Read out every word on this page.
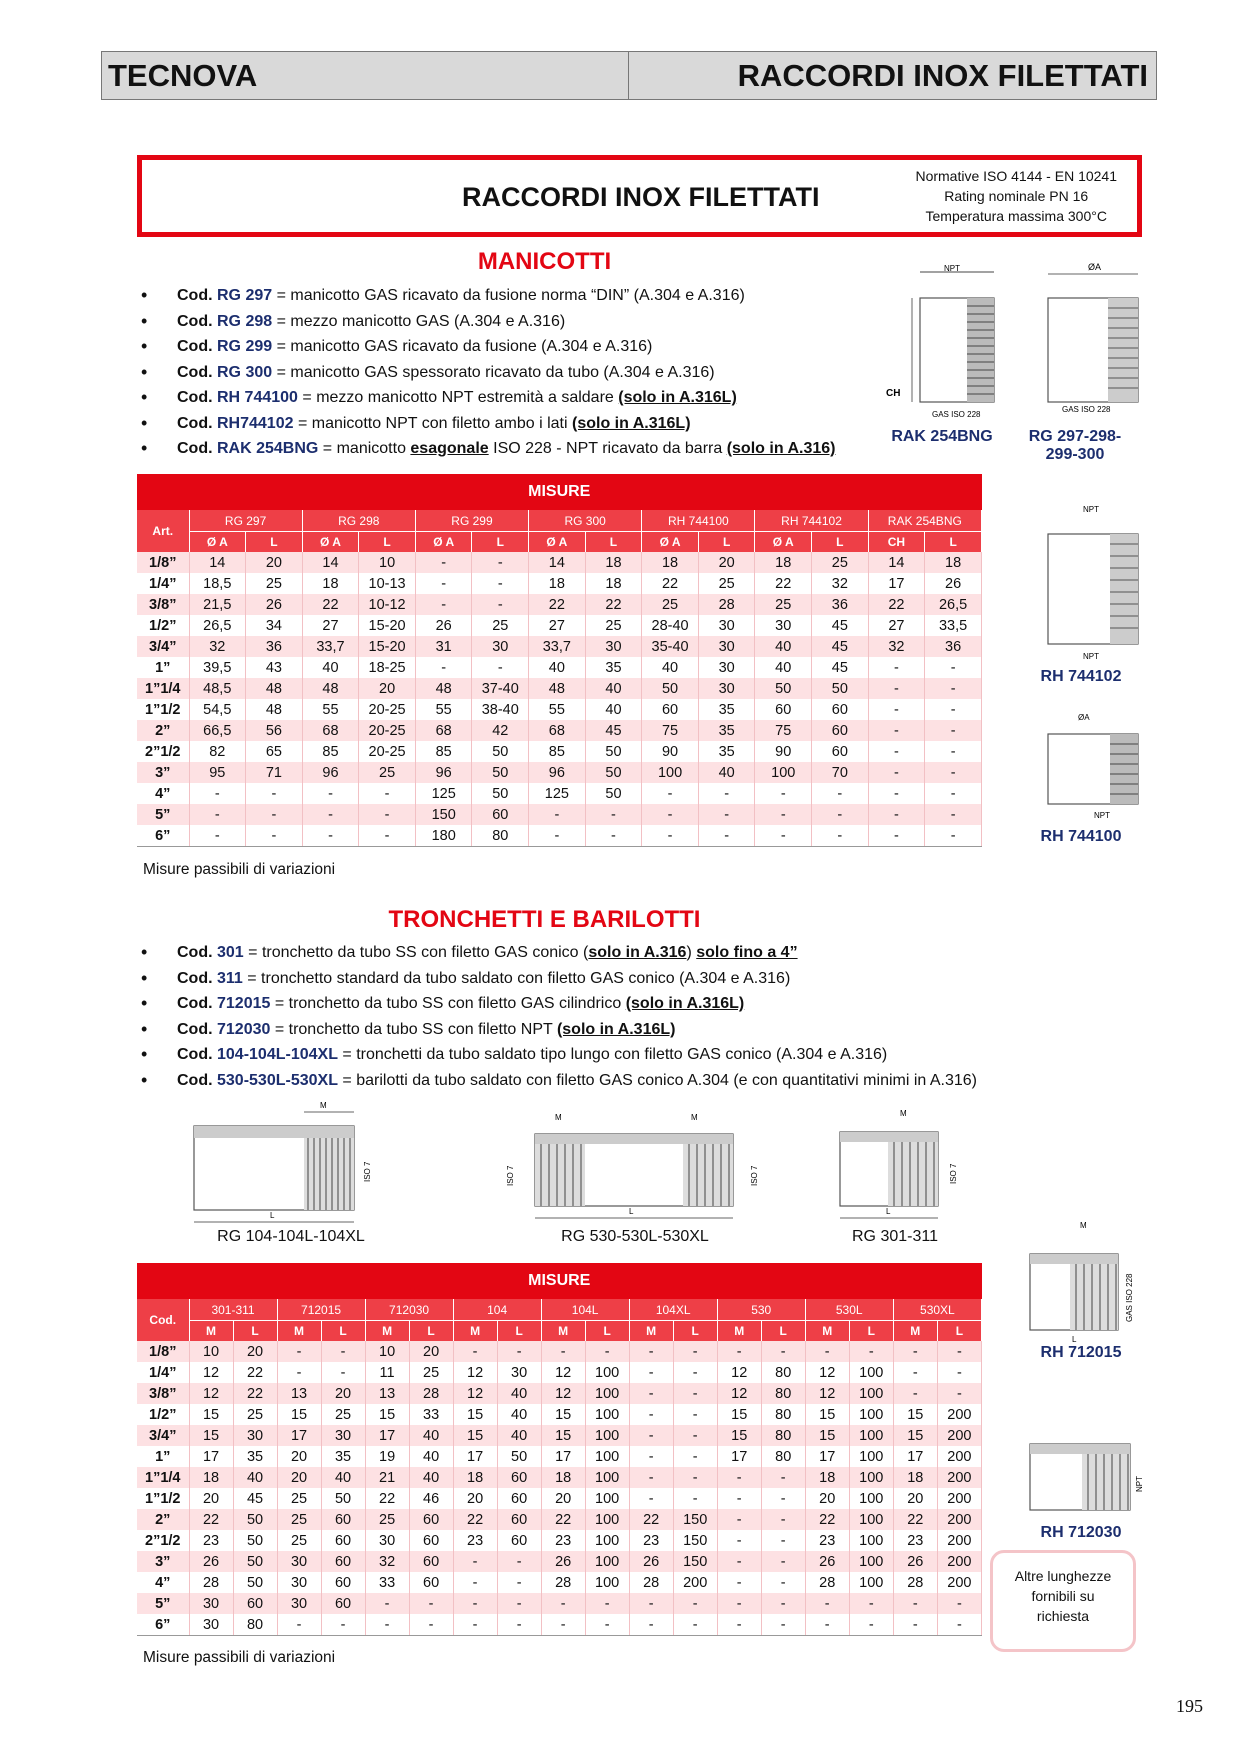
TECNOVA	RACCORDI INOX FILETTATI
RACCORDI INOX FILETTATI
Normative ISO 4144 - EN 10241
Rating nominale PN 16
Temperatura massima 300°C
MANICOTTI
• Cod. RG 297 = manicotto GAS ricavato da fusione norma “DIN” (A.304 e A.316)
• Cod. RG 298 = mezzo manicotto GAS (A.304 e A.316)
• Cod. RG 299 = manicotto GAS ricavato da fusione (A.304 e A.316)
• Cod. RG 300 = manicotto GAS spessorato ricavato da tubo (A.304 e A.316)
• Cod. RH 744100 = mezzo manicotto NPT estremità a saldare (solo in A.316L)
• Cod. RH744102 = manicotto NPT con filetto ambo i lati (solo in A.316L)
• Cod. RAK 254BNG = manicotto esagonale ISO 228 - NPT ricavato da barra (solo in A.316)
NPT
CH
GAS ISO 228
ØA
GAS ISO 228
RAK 254BNG	RG 297-298-
299-300
NPT
NPT
RH 744102
ØA
NPT
RH 744100
MISURE														
Art.	RG 297		RG 298		RG 299		RG 300		RH 744100		RH 744102		RAK 254BNG	
	Ø A	L	Ø A	L	Ø A	L	Ø A	L	Ø A	L	Ø A	L	CH	L
1/8”	14	20	14	10	-	-	14	18	18	20	18	25	14	18
1/4”	18,5	25	18	10-13	-	-	18	18	22	25	22	32	17	26
3/8”	21,5	26	22	10-12	-	-	22	22	25	28	25	36	22	26,5
1/2”	26,5	34	27	15-20	26	25	27	25	28-40	30	30	45	27	33,5
3/4”	32	36	33,7	15-20	31	30	33,7	30	35-40	30	40	45	32	36
1”	39,5	43	40	18-25	-	-	40	35	40	30	40	45	-	-
1”1/4	48,5	48	48	20	48	37-40	48	40	50	30	50	50	-	-
1”1/2	54,5	48	55	20-25	55	38-40	55	40	60	35	60	60	-	-
2”	66,5	56	68	20-25	68	42	68	45	75	35	75	60	-	-
2”1/2	82	65	85	20-25	85	50	85	50	90	35	90	60	-	-
3”	95	71	96	25	96	50	96	50	100	40	100	70	-	-
4”	-	-	-	-	125	50	125	50	-	-	-	-	-	-
5”	-	-	-	-	150	60	-	-	-	-	-	-	-	-
6”	-	-	-	-	180	80	-	-	-	-	-	-	-	-
Misure passibili di variazioni
TRONCHETTI E BARILOTTI
• Cod. 301 = tronchetto da tubo SS con filetto GAS conico (solo in A.316) solo fino a 4”
• Cod. 311 = tronchetto standard da tubo saldato con filetto GAS conico (A.304 e A.316)
• Cod. 712015 = tronchetto da tubo SS con filetto GAS cilindrico (solo in A.316L)
• Cod. 712030 = tronchetto da tubo SS con filetto NPT (solo in A.316L)
• Cod. 104-104L-104XL = tronchetti da tubo saldato tipo lungo con filetto GAS conico (A.304 e A.316)
• Cod. 530-530L-530XL = barilotti da tubo saldato con filetto GAS conico A.304 (e con quantitativi minimi in A.316)
M
ISO 7
L
M	M
ISO 7	ISO 7
L
M
ISO 7
L
RG 104-104L-104XL	RG 530-530L-530XL	RG 301-311
M
GAS ISO 228
L
RH 712015
NPT
RH 712030
MISURE																		
Cod.	301-311		712015		712030		104		104L		104XL		530		530L		530XL	
	M	L	M	L	M	L	M	L	M	L	M	L	M	L	M	L	M	L
1/8”	10	20	-	-	10	20	-	-	-	-	-	-	-	-	-	-	-	-
1/4”	12	22	-	-	11	25	12	30	12	100	-	-	12	80	12	100	-	-
3/8”	12	22	13	20	13	28	12	40	12	100	-	-	12	80	12	100	-	-
1/2”	15	25	15	25	15	33	15	40	15	100	-	-	15	80	15	100	15	200
3/4”	15	30	17	30	17	40	15	40	15	100	-	-	15	80	15	100	15	200
1”	17	35	20	35	19	40	17	50	17	100	-	-	17	80	17	100	17	200
1”1/4	18	40	20	40	21	40	18	60	18	100	-	-	-	-	18	100	18	200
1”1/2	20	45	25	50	22	46	20	60	20	100	-	-	-	-	20	100	20	200
2”	22	50	25	60	25	60	22	60	22	100	22	150	-	-	22	100	22	200
2”1/2	23	50	25	60	30	60	23	60	23	100	23	150	-	-	23	100	23	200
3”	26	50	30	60	32	60	-	-	26	100	26	150	-	-	26	100	26	200
4”	28	50	30	60	33	60	-	-	28	100	28	200	-	-	28	100	28	200
5”	30	60	30	60	-	-	-	-	-	-	-	-	-	-	-	-	-	-
6”	30	80	-	-	-	-	-	-	-	-	-	-	-	-	-	-	-	-
Misure passibili di variazioni
Altre lunghezze
fornibili su
richiesta
195
